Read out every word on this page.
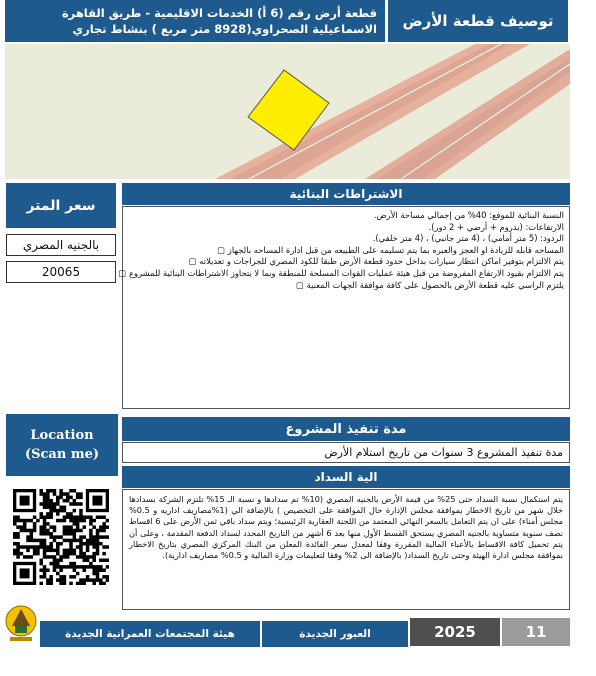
قطعة أرض رقم (6 أ) الخدمات الاقليمية - طريق القاهرة الاسماعيلية الصحراوي(8928 متر مربع ) بنشاط تجاري	توصيف قطعة الأرض
سعر المتر
بالجنيه المصري
20065
الاشتراطات البنائية
النسبة البنائية للموقع: 40% من إجمالي مساحة الأرض.
الارتفاعات: (بدروم + أرضي + 2 دور).
الردود: (5 متر أمامي) ، (4 متر جانبي) ، (4 متر خلفي).
المساحه قابله للزيادة او العجز والعبره بما يتم تسليمه على الطبيعه من قبل ادارة المساحه بالجهاز ▢
يتم الالتزام بتوفير اماكن انتظار سيارات بداخل حدود قطعة الأرض طبقا للكود المصري للجراجات و تعديلاته ▢
يتم الالتزام بقيود الارتفاع المفروضة من قبل هيئة عمليات القوات المسلحة للمنطقة وبما لا يتجاوز الاشتراطات البنائية للمشروع ▢
يلتزم الراسي عليه قطعة الأرض بالحصول على كافة موافقة الجهات المعنية ▢
Location
(Scan me)
مدة تنفيذ المشروع
مدة تنفيذ المشروع 3 سنوات من تاريخ استلام الأرض
الية السداد
يتم استكمال نسبة السداد حتى 25% من قيمة الأرض بالجنيه المصري (10% تم سدادها و نسبة الـ 15% تلتزم الشركة بسدادها خلال شهر من تاريخ الاخطار بموافقة مجلس الإدارة حال الموافقة على التخصيص ) بالإضافة الي (1%مصاريف اداريه و 0.5% مجلس أمناء) على ان يتم التعامل بالسعر النهائي المعتمد من اللجنة العقارية الرئيسية؛ ويتم سداد باقي ثمن الأرض على 6 اقساط نصف سنوية متساوية بالجنيه المصري يستحق القسط الأول منها بعد 6 أشهر من التاريخ المحدد لسداد الدفعة المقدمة ، وعلى أن يتم تحميل كافة الاقساط بالأعباء المالية المقررة وفقا لمعدل سعر الفائدة المعلن من البنك المركزي المصري بتاريخ الاخطار بموافقة مجلس ادارة الهيئة وحتى تاريخ السداد( بالإضافة الى 2% وفقا لتعليمات وزارة المالية و 0.5% مصاريف ادارية).
هيئة المجتمعات العمرانية الجديدة	العبور الجديدة	2025	11
